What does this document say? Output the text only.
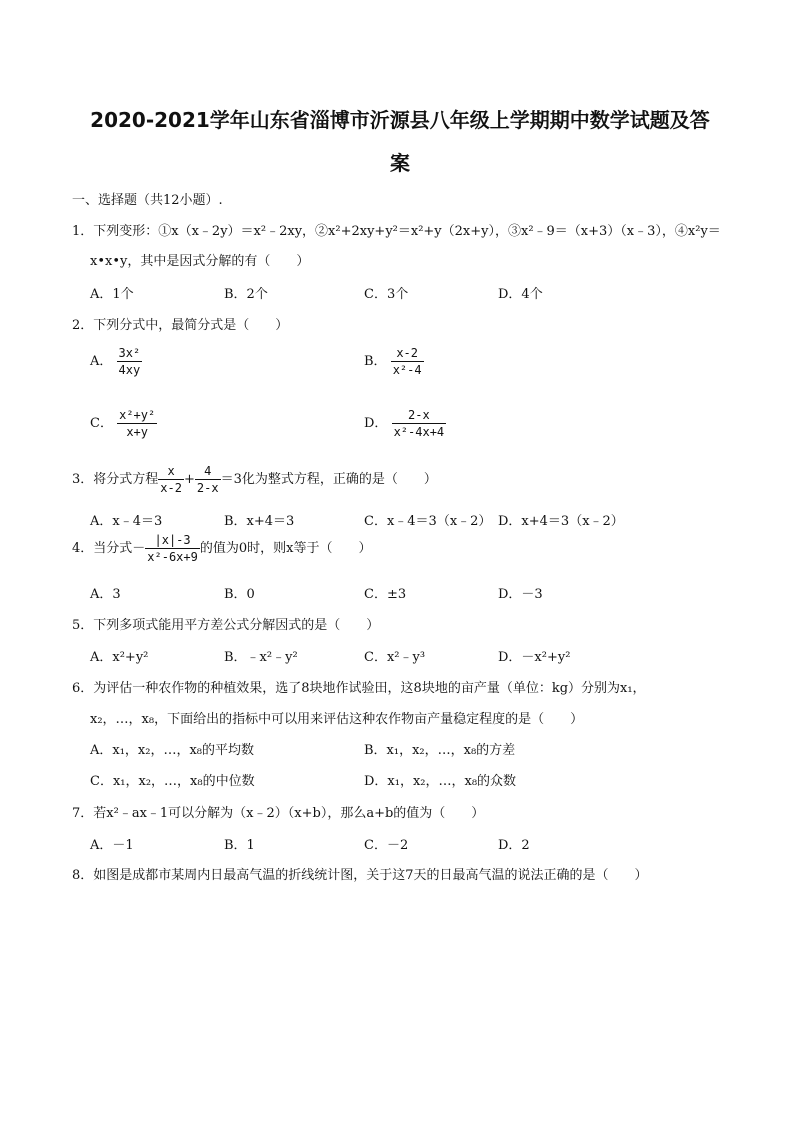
2020-2021学年山东省淄博市沂源县八年级上学期期中数学试题及答
案
一、选择题（共12小题）.
1．下列变形：①x（x﹣2y）＝x²﹣2xy，②x²+2xy+y²＝x²+y（2x+y），③x²﹣9＝（x+3）（x﹣3），④x²y＝
x•x•y，其中是因式分解的有（　　）
A．1个	B．2个	C．3个	D．4个
2．下列分式中，最简分式是（　　）
A． $\frac{\text{3x²}}{4xy}$	B． $\frac{x-2}{\text{x²-4}}$
C． $\frac{\text{x²+y²}}{x+y}$	D． $\frac{2-x}{\text{x²-4x+4}}$
3．将分式方程 $\frac{x}{x-2} + \frac{4}{2-x} =3$化为整式方程，正确的是（　　）
A．x﹣4＝3	B．x+4＝3	C．x﹣4＝3（x﹣2） D．x+4＝3（x﹣2）
4．当分式－ $\frac{|x|-3}{\text{x²-6x+9}}$ 的值为0时，则x等于（　　）
A．3	B．0	C．±3	D．－3
5．下列多项式能用平方差公式分解因式的是（　　）
A．x²+y²	B．﹣x²﹣y²	C．x²﹣y³	D．－x²+y²
6．为评估一种农作物的种植效果，选了8块地作试验田，这8块地的亩产量（单位：kg）分别为x₁，
x₂，…，x₈，下面给出的指标中可以用来评估这种农作物亩产量稳定程度的是（　　）
A．x₁，x₂，…，x₈的平均数	B．x₁，x₂，…，x₈的方差
C．x₁，x₂，…，x₈的中位数	D．x₁，x₂，…，x₈的众数
7．若x²﹣ax﹣1可以分解为（x﹣2）（x+b），那么a+b的值为（　　）
A．－1	B．1	C．－2	D．2
8．如图是成都市某周内日最高气温的折线统计图，关于这7天的日最高气温的说法正确的是（　　）
